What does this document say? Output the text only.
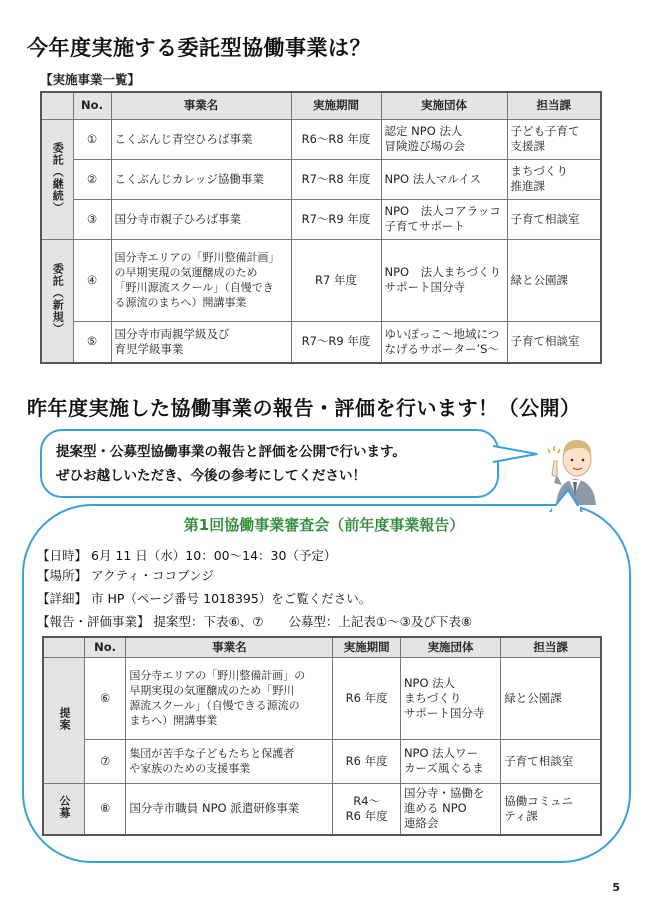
今年度実施する委託型協働事業は？
【実施事業一覧】
	No.	事業名	実施期間	実施団体	担当課
委託（継続）	①	こくぶんじ青空ひろば事業	R6～R8 年度	認定 NPO 法人
冒険遊び場の会	子ども子育て
支援課
	②	こくぶんじカレッジ協働事業	R7～R8 年度	NPO 法人マルイス	まちづくり
推進課
	③	国分寺市親子ひろば事業	R7～R9 年度	NPO　法人コアラッコ
子育てサポート	子育て相談室
委託（新規）	④	国分寺エリアの「野川整備計画」
の早期実現の気運醸成のため
「野川源流スクール」（自慢でき
る源流のまちへ）開講事業	R7 年度	NPO　法人まちづくり
サポート国分寺	緑と公園課
	⑤	国分寺市両親学級及び
育児学級事業	R7～R9 年度	ゆいぽっこ～地域につ
なげるサポーター’S～	子育て相談室
昨年度実施した協働事業の報告・評価を行います！（公開）
提案型・公募型協働事業の報告と評価を公開で行います。
ぜひお越しいただき、今後の参考にしてください！
第1回協働事業審査会（前年度事業報告）
【日時】 6月 11 日（水）10：00～14：30（予定）
【場所】 アクティ・ココブンジ
【詳細】 市 HP（ページ番号 1018395）をご覧ください。
【報告・評価事業】 提案型：下表⑥、⑦　　公募型：上記表①～③及び下表⑧
	No.	事業名	実施期間	実施団体	担当課
提案	⑥	国分寺エリアの「野川整備計画」の
早期実現の気運醸成のため「野川
源流スクール」（自慢できる源流の
まちへ）開講事業	R6 年度	NPO 法人
まちづくり
サポート国分寺	緑と公園課
	⑦	集団が苦手な子どもたちと保護者
や家族のための支援事業	R6 年度	NPO 法人ワー
カーズ風ぐるま	子育て相談室
公募	⑧	国分寺市職員 NPO 派遣研修事業	R4～
R6 年度	国分寺・協働を
進める NPO
連絡会	協働コミュニ
ティ課
5
